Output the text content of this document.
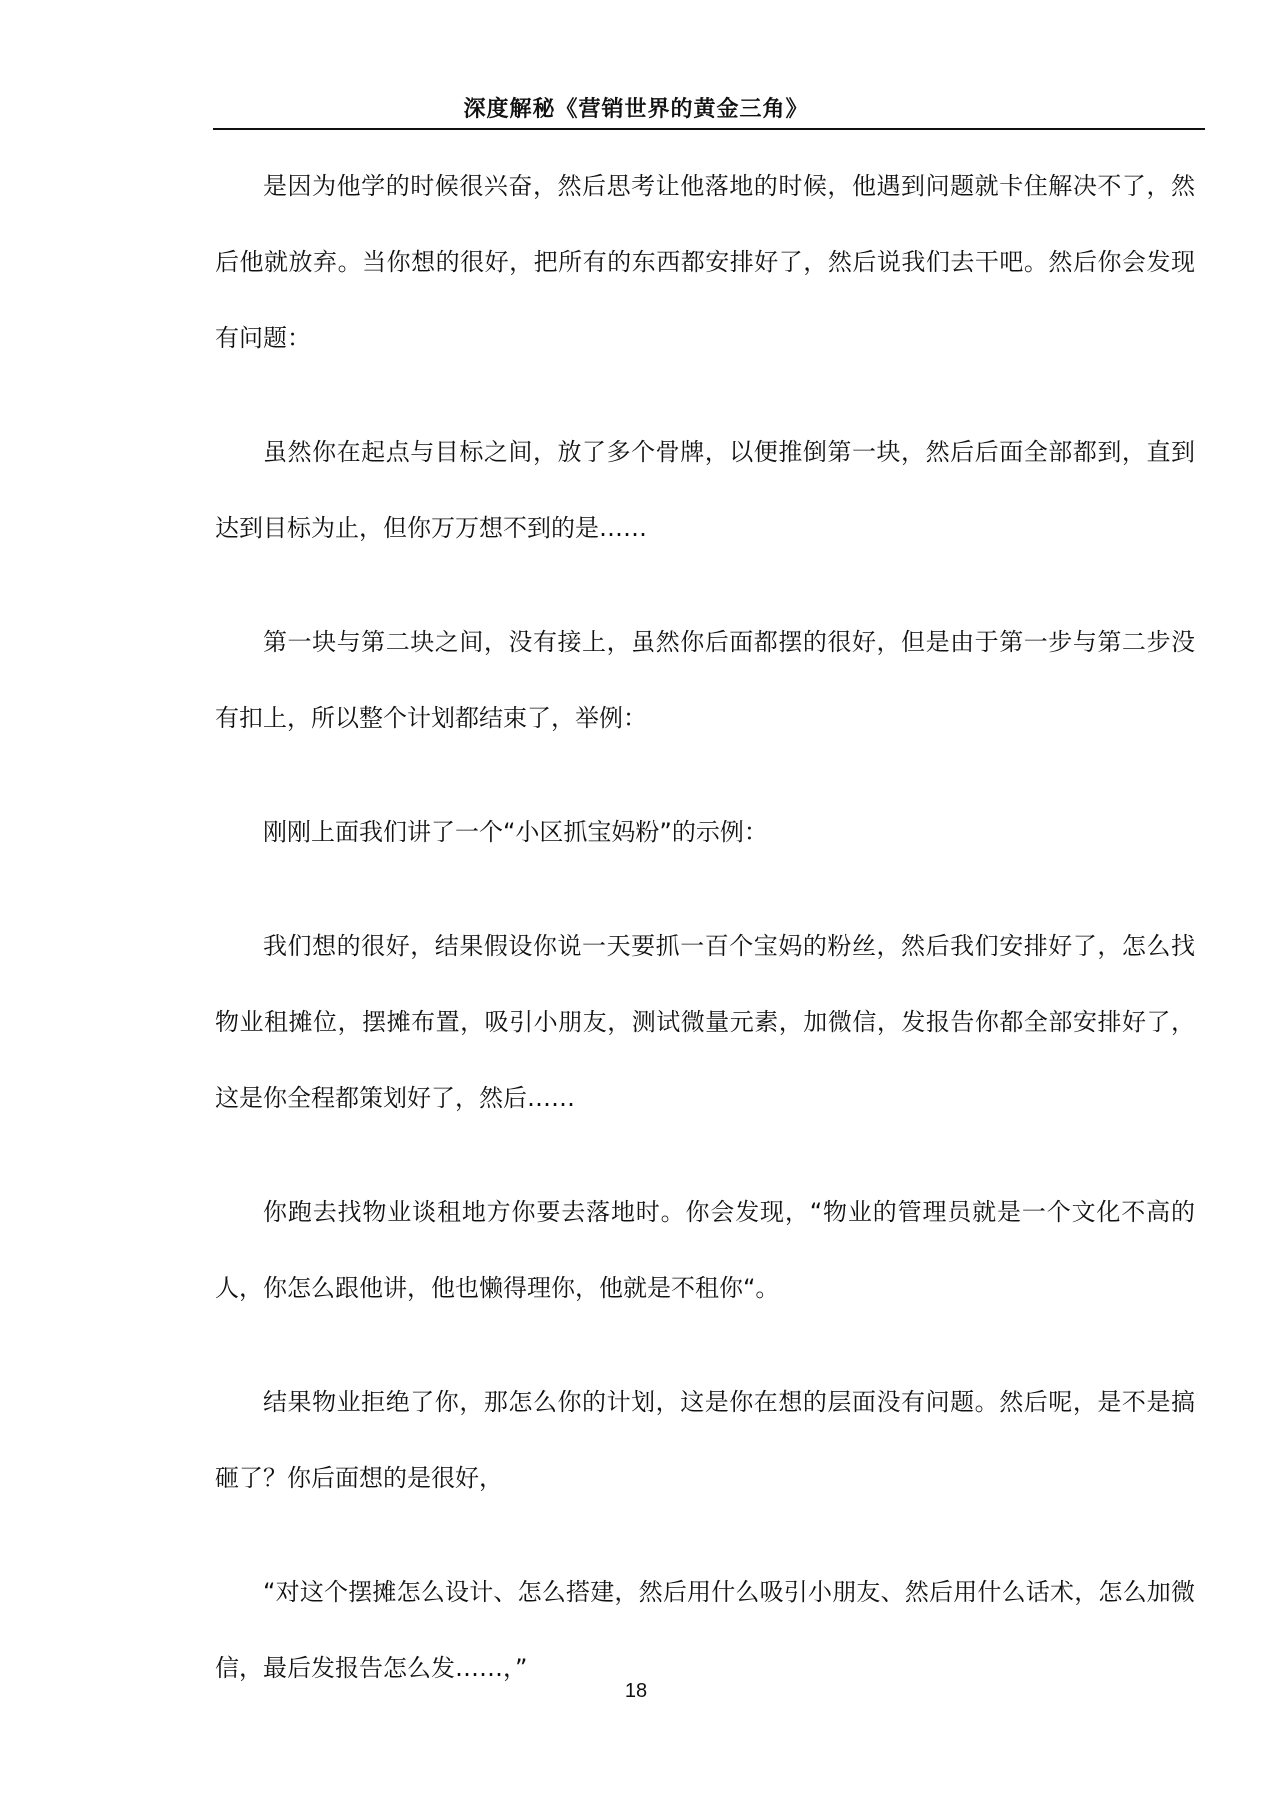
深度解秘《营销世界的黄金三角》

是因为他学的时候很兴奋，然后思考让他落地的时候，他遇到问题就卡住解决不了，然后他就放弃。当你想的很好，把所有的东西都安排好了，然后说我们去干吧。然后你会发现有问题：

虽然你在起点与目标之间，放了多个骨牌，以便推倒第一块，然后后面全部都到，直到达到目标为止，但你万万想不到的是……

第一块与第二块之间，没有接上，虽然你后面都摆的很好，但是由于第一步与第二步没有扣上，所以整个计划都结束了，举例：

刚刚上面我们讲了一个“小区抓宝妈粉”的示例：

我们想的很好，结果假设你说一天要抓一百个宝妈的粉丝，然后我们安排好了，怎么找物业租摊位，摆摊布置，吸引小朋友，测试微量元素，加微信，发报告你都全部安排好了，这是你全程都策划好了，然后……

你跑去找物业谈租地方你要去落地时。你会发现，“物业的管理员就是一个文化不高的人，你怎么跟他讲，他也懒得理你，他就是不租你“。

结果物业拒绝了你，那怎么你的计划，这是你在想的层面没有问题。然后呢，是不是搞砸了？你后面想的是很好，

“对这个摆摊怎么设计、怎么搭建，然后用什么吸引小朋友、然后用什么话术，怎么加微信，最后发报告怎么发……，”

18
